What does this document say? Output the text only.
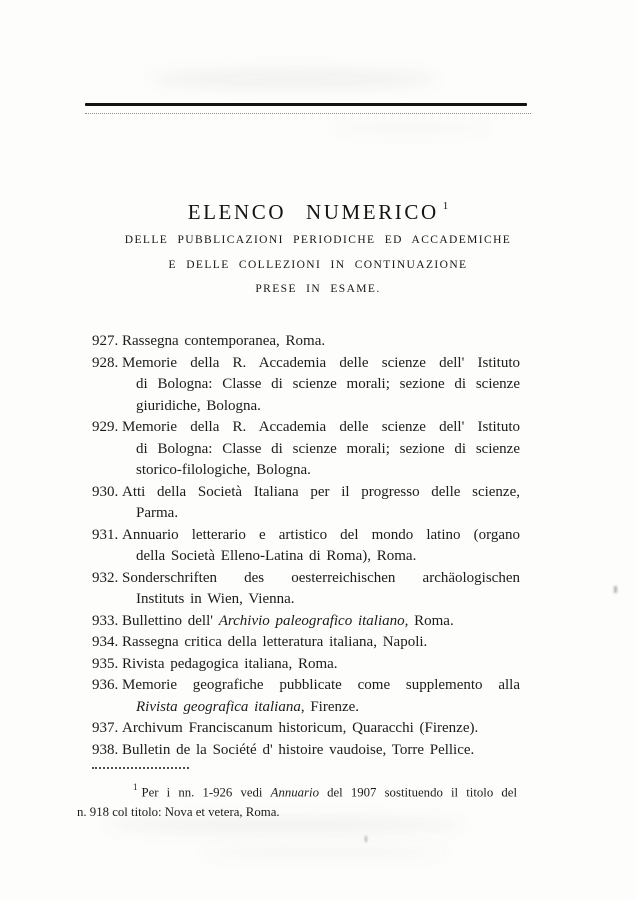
ELENCO NUMERICO $^1$
DELLE PUBBLICAZIONI PERIODICHE ED ACCADEMICHE
E DELLE COLLEZIONI IN CONTINUAZIONE
PRESE IN ESAME.
927. Rassegna contemporanea, Roma.
928. Memorie della R. Accademia delle scienze dell' Istituto
di Bologna: Classe di scienze morali; sezione di scienze
giuridiche, Bologna.
929. Memorie della R. Accademia delle scienze dell' Istituto
di Bologna: Classe di scienze morali; sezione di scienze
storico-filologiche, Bologna.
930. Atti della Società Italiana per il progresso delle scienze,
Parma.
931. Annuario letterario e artistico del mondo latino (organo
della Società Elleno-Latina di Roma), Roma.
932. Sonderschriften des oesterreichischen archäologischen
Instituts in Wien, Vienna.
933. Bullettino dell' Archivio paleografico italiano, Roma.
934. Rassegna critica della letteratura italiana, Napoli.
935. Rivista pedagogica italiana, Roma.
936. Memorie geografiche pubblicate come supplemento alla
Rivista geografica italiana, Firenze.
937. Archivum Franciscanum historicum, Quaracchi (Firenze).
938. Bulletin de la Société d' histoire vaudoise, Torre Pellice.
$^1$ Per i nn. 1-926 vedi Annuario del 1907 sostituendo il titolo del
n. 918 col titolo: Nova et vetera, Roma.
